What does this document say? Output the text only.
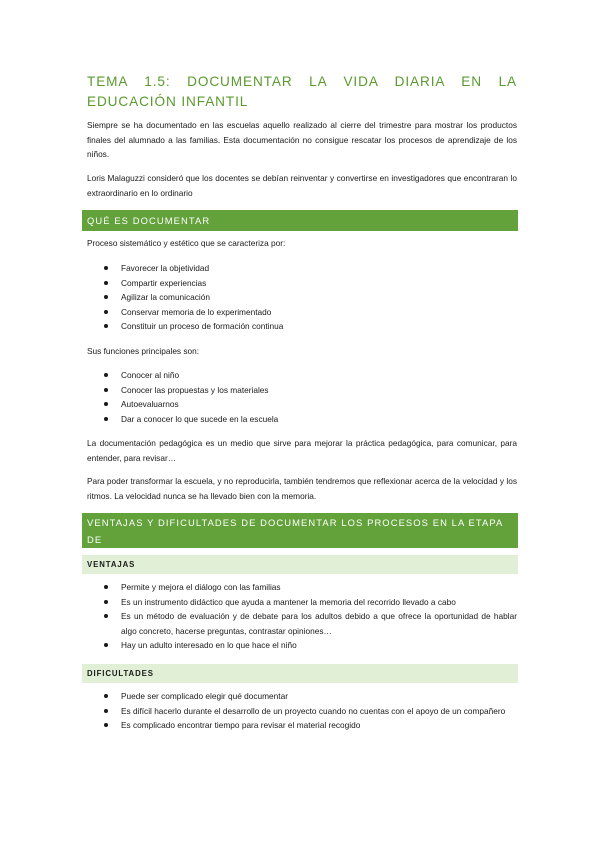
TEMA 1.5: DOCUMENTAR LA VIDA DIARIA EN LA EDUCACIÓN INFANTIL

Siempre se ha documentado en las escuelas aquello realizado al cierre del trimestre para mostrar los productos finales del alumnado a las familias. Esta documentación no consigue rescatar los procesos de aprendizaje de los niños.

Loris Malaguzzi consideró que los docentes se debían reinventar y convertirse en investigadores que encontraran lo extraordinario en lo ordinario

QUÉ ES DOCUMENTAR

Proceso sistemático y estético que se caracteriza por:

Favorecer la objetividad
Compartir experiencias
Agilizar la comunicación
Conservar memoria de lo experimentado
Constituir un proceso de formación continua

Sus funciones principales son:

Conocer al niño
Conocer las propuestas y los materiales
Autoevaluarnos
Dar a conocer lo que sucede en la escuela

La documentación pedagógica es un medio que sirve para mejorar la práctica pedagógica, para comunicar, para entender, para revisar…

Para poder transformar la escuela, y no reproducirla, también tendremos que reflexionar acerca de la velocidad y los ritmos. La velocidad nunca se ha llevado bien con la memoria.

VENTAJAS Y DIFICULTADES DE DOCUMENTAR LOS PROCESOS EN LA ETAPA DE
VENTAJAS
Permite y mejora el diálogo con las familias
Es un instrumento didáctico que ayuda a mantener la memoria del recorrido llevado a cabo
Es un método de evaluación y de debate para los adultos debido a que ofrece la oportunidad de hablar algo concreto, hacerse preguntas, contrastar opiniones…
Hay un adulto interesado en lo que hace el niño
DIFICULTADES
Puede ser complicado elegir qué documentar
Es difícil hacerlo durante el desarrollo de un proyecto cuando no cuentas con el apoyo de un compañero
Es complicado encontrar tiempo para revisar el material recogido
